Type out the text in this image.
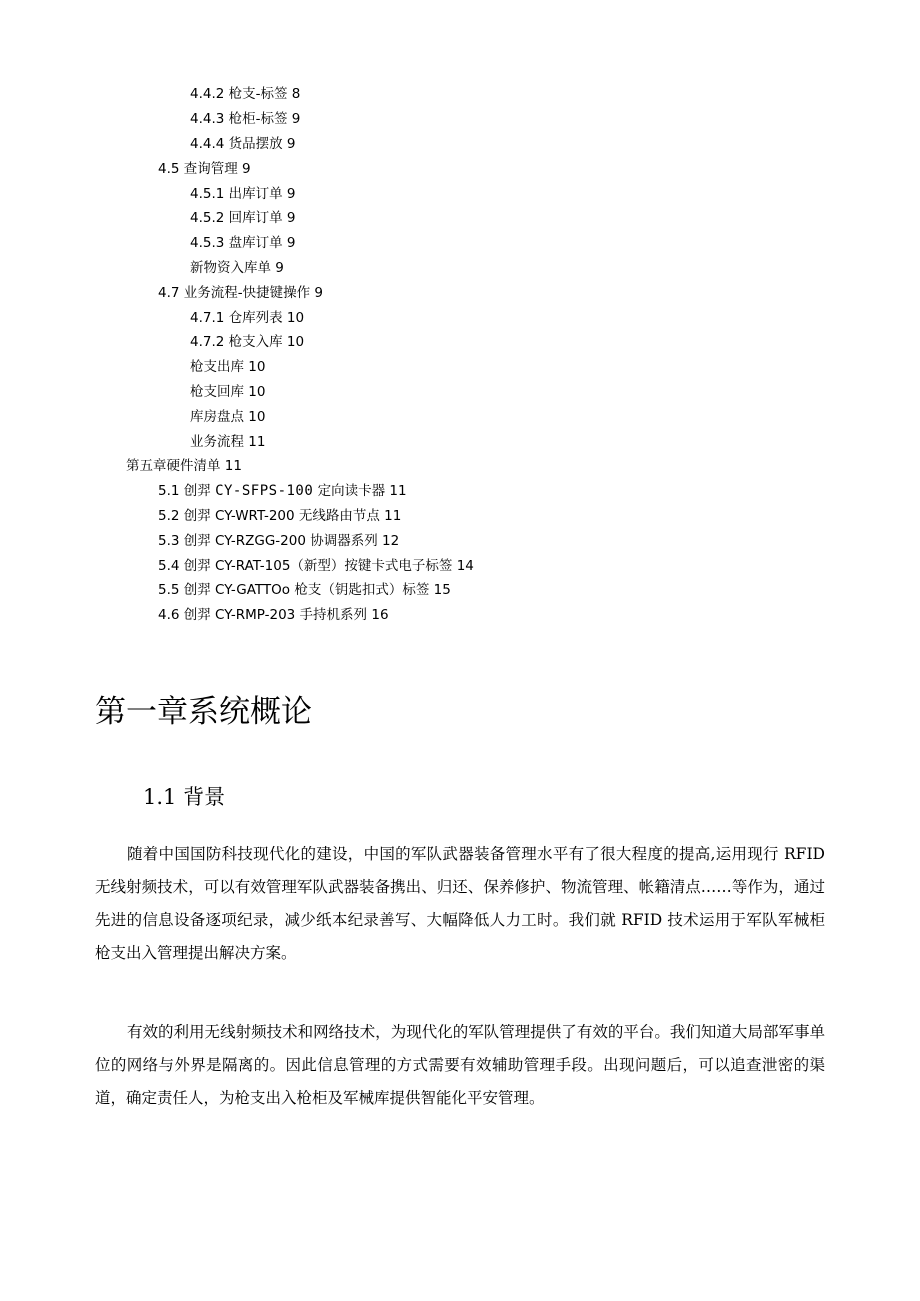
4.4.2 枪支-标签 8
4.4.3 枪柜-标签 9
4.4.4 货品摆放 9
4.5 查询管理 9
4.5.1 出库订单 9
4.5.2 回库订单 9
4.5.3 盘库订单 9
新物资入库单 9
4.7 业务流程-快捷键操作 9
4.7.1 仓库列表 10
4.7.2 枪支入库 10
枪支出库 10
枪支回库 10
库房盘点 10
业务流程 11
第五章硬件清单 11
5.1 创羿 CY-SFPS-100 定向读卡器 11
5.2 创羿 CY-WRT-200 无线路由节点 11
5.3 创羿 CY-RZGG-200 协调器系列 12
5.4 创羿 CY-RAT-105（新型）按键卡式电子标签 14
5.5 创羿 CY-GATTOo 枪支（钥匙扣式）标签 15
4.6 创羿 CY-RMP-203 手持机系列 16
第一章系统概论
1.1 背景

随着中国国防科技现代化的建设，中国的军队武器装备管理水平有了很大程度的提高,运用现行 RFID 无线射频技术，可以有效管理军队武器装备携出、归还、保养修护、物流管理、帐籍清点……等作为，通过先进的信息设备逐项纪录，减少纸本纪录善写、大幅降低人力工时。我们就 RFID 技术运用于军队军械柜枪支出入管理提出解决方案。

有效的利用无线射频技术和网络技术，为现代化的军队管理提供了有效的平台。我们知道大局部军事单位的网络与外界是隔离的。因此信息管理的方式需要有效辅助管理手段。出现问题后，可以追查泄密的渠道，确定责任人，为枪支出入枪柜及军械库提供智能化平安管理。
